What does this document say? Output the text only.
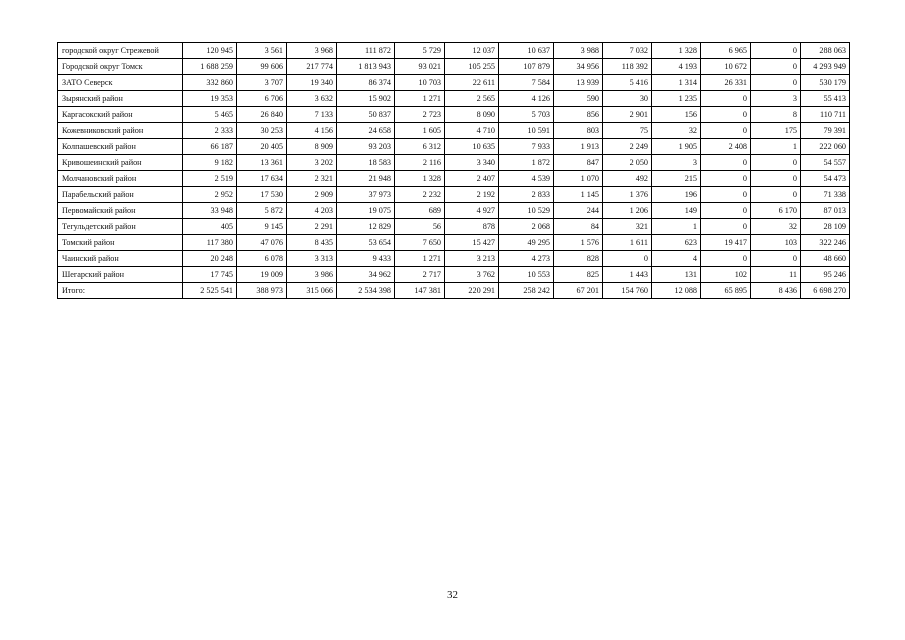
городской округ Стрежевой	120 945	3 561	3 968	111 872	5 729	12 037	10 637	3 988	7 032	1 328	6 965	0	288 063
Городской округ Томск	1 688 259	99 606	217 774	1 813 943	93 021	105 255	107 879	34 956	118 392	4 193	10 672	0	4 293 949
ЗАТО Северск	332 860	3 707	19 340	86 374	10 703	22 611	7 584	13 939	5 416	1 314	26 331	0	530 179
Зырянский район	19 353	6 706	3 632	15 902	1 271	2 565	4 126	590	30	1 235	0	3	55 413
Каргасокский район	5 465	26 840	7 133	50 837	2 723	8 090	5 703	856	2 901	156	0	8	110 711
Кожевниковский район	2 333	30 253	4 156	24 658	1 605	4 710	10 591	803	75	32	0	175	79 391
Колпашевский район	66 187	20 405	8 909	93 203	6 312	10 635	7 933	1 913	2 249	1 905	2 408	1	222 060
Кривошеинский район	9 182	13 361	3 202	18 583	2 116	3 340	1 872	847	2 050	3	0	0	54 557
Молчановский район	2 519	17 634	2 321	21 948	1 328	2 407	4 539	1 070	492	215	0	0	54 473
Парабельский район	2 952	17 530	2 909	37 973	2 232	2 192	2 833	1 145	1 376	196	0	0	71 338
Первомайский район	33 948	5 872	4 203	19 075	689	4 927	10 529	244	1 206	149	0	6 170	87 013
Тегульдетский район	405	9 145	2 291	12 829	56	878	2 068	84	321	1	0	32	28 109
Томский район	117 380	47 076	8 435	53 654	7 650	15 427	49 295	1 576	1 611	623	19 417	103	322 246
Чаинский район	20 248	6 078	3 313	9 433	1 271	3 213	4 273	828	0	4	0	0	48 660
Шегарский район	17 745	19 009	3 986	34 962	2 717	3 762	10 553	825	1 443	131	102	11	95 246
Итого:	2 525 541	388 973	315 066	2 534 398	147 381	220 291	258 242	67 201	154 760	12 088	65 895	8 436	6 698 270
32
